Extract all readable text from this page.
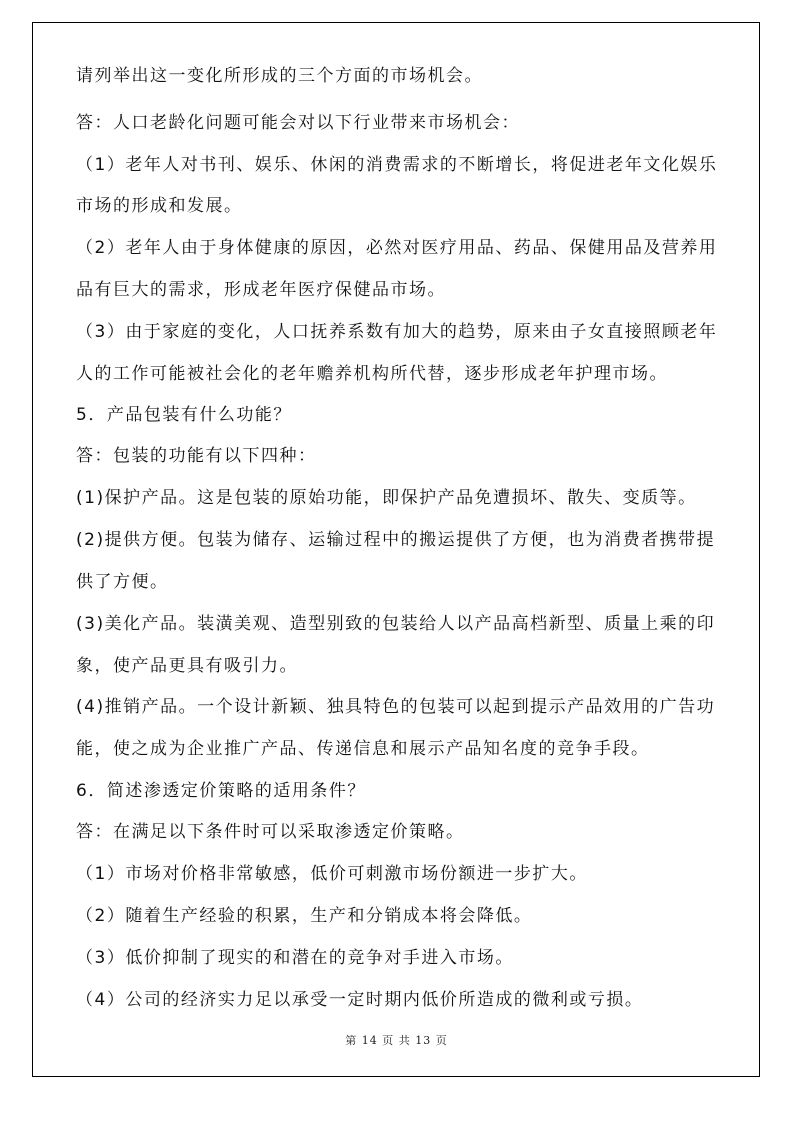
请列举出这一变化所形成的三个方面的市场机会。
答：人口老龄化问题可能会对以下行业带来市场机会：
（1）老年人对书刊、娱乐、休闲的消费需求的不断增长，将促进老年文化娱乐
市场的形成和发展。
（2）老年人由于身体健康的原因，必然对医疗用品、药品、保健用品及营养用
品有巨大的需求，形成老年医疗保健品市场。
（3）由于家庭的变化，人口抚养系数有加大的趋势，原来由子女直接照顾老年
人的工作可能被社会化的老年赡养机构所代替，逐步形成老年护理市场。
5．产品包装有什么功能？
答：包装的功能有以下四种：
(1)保护产品。这是包装的原始功能，即保护产品免遭损坏、散失、变质等。
(2)提供方便。包装为储存、运输过程中的搬运提供了方便，也为消费者携带提
供了方便。
(3)美化产品。装潢美观、造型别致的包装给人以产品高档新型、质量上乘的印
象，使产品更具有吸引力。
(4)推销产品。一个设计新颖、独具特色的包装可以起到提示产品效用的广告功
能，使之成为企业推广产品、传递信息和展示产品知名度的竞争手段。
6．简述渗透定价策略的适用条件？
答：在满足以下条件时可以采取渗透定价策略。
（1）市场对价格非常敏感，低价可刺激市场份额进一步扩大。
（2）随着生产经验的积累，生产和分销成本将会降低。
（3）低价抑制了现实的和潜在的竞争对手进入市场。
（4）公司的经济实力足以承受一定时期内低价所造成的微利或亏损。
第 14 页 共 13 页
